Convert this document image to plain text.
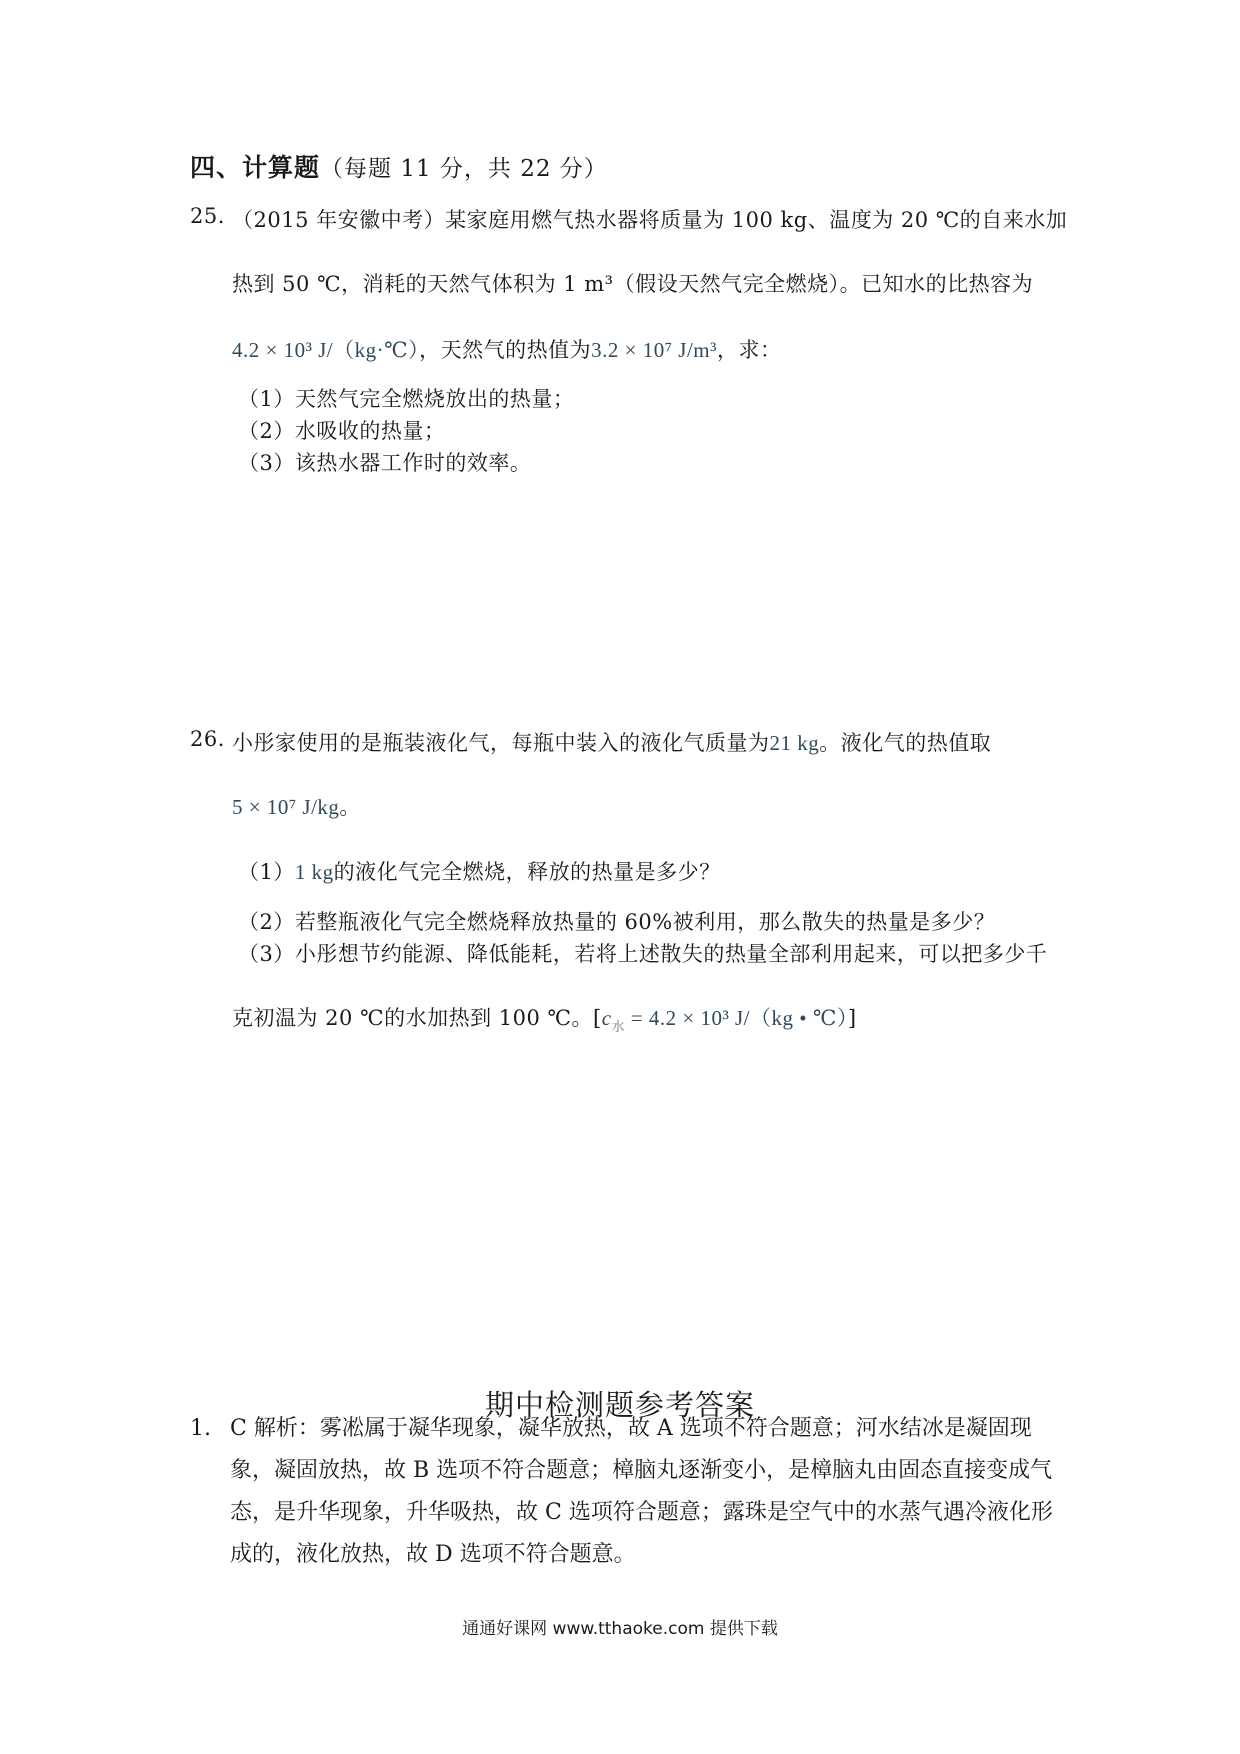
四、计算题（每题 11 分，共 22 分）
25. （2015 年安徽中考）某家庭用燃气热水器将质量为 100 kg、温度为 20 ℃的自来水加
热到 50 ℃，消耗的天然气体积为 1 m³（假设天然气完全燃烧）。已知水的比热容为
4.2 × 10³ J/（kg·℃），天然气的热值为3.2 × 10⁷ J/m³，求：
（1）天然气完全燃烧放出的热量；
（2）水吸收的热量；
（3）该热水器工作时的效率。
26. 小彤家使用的是瓶装液化气，每瓶中装入的液化气质量为21 kg。液化气的热值取
5 × 10⁷ J/kg。
（1）1 kg的液化气完全燃烧，释放的热量是多少？
（2）若整瓶液化气完全燃烧释放热量的 60%被利用，那么散失的热量是多少？
（3）小彤想节约能源、降低能耗，若将上述散失的热量全部利用起来，可以把多少千
克初温为 20 ℃的水加热到 100 ℃。[$c_水 = 4.2 \times 10^3$ J/（kg • ℃）]
期中检测题参考答案
1. C 解析：雾凇属于凝华现象，凝华放热，故 A 选项不符合题意；河水结冰是凝固现象，凝固放热，故 B 选项不符合题意；樟脑丸逐渐变小，是樟脑丸由固态直接变成气态，是升华现象，升华吸热，故 C 选项符合题意；露珠是空气中的水蒸气遇冷液化形成的，液化放热，故 D 选项不符合题意。
通通好课网 www.tthaoke.com 提供下载
